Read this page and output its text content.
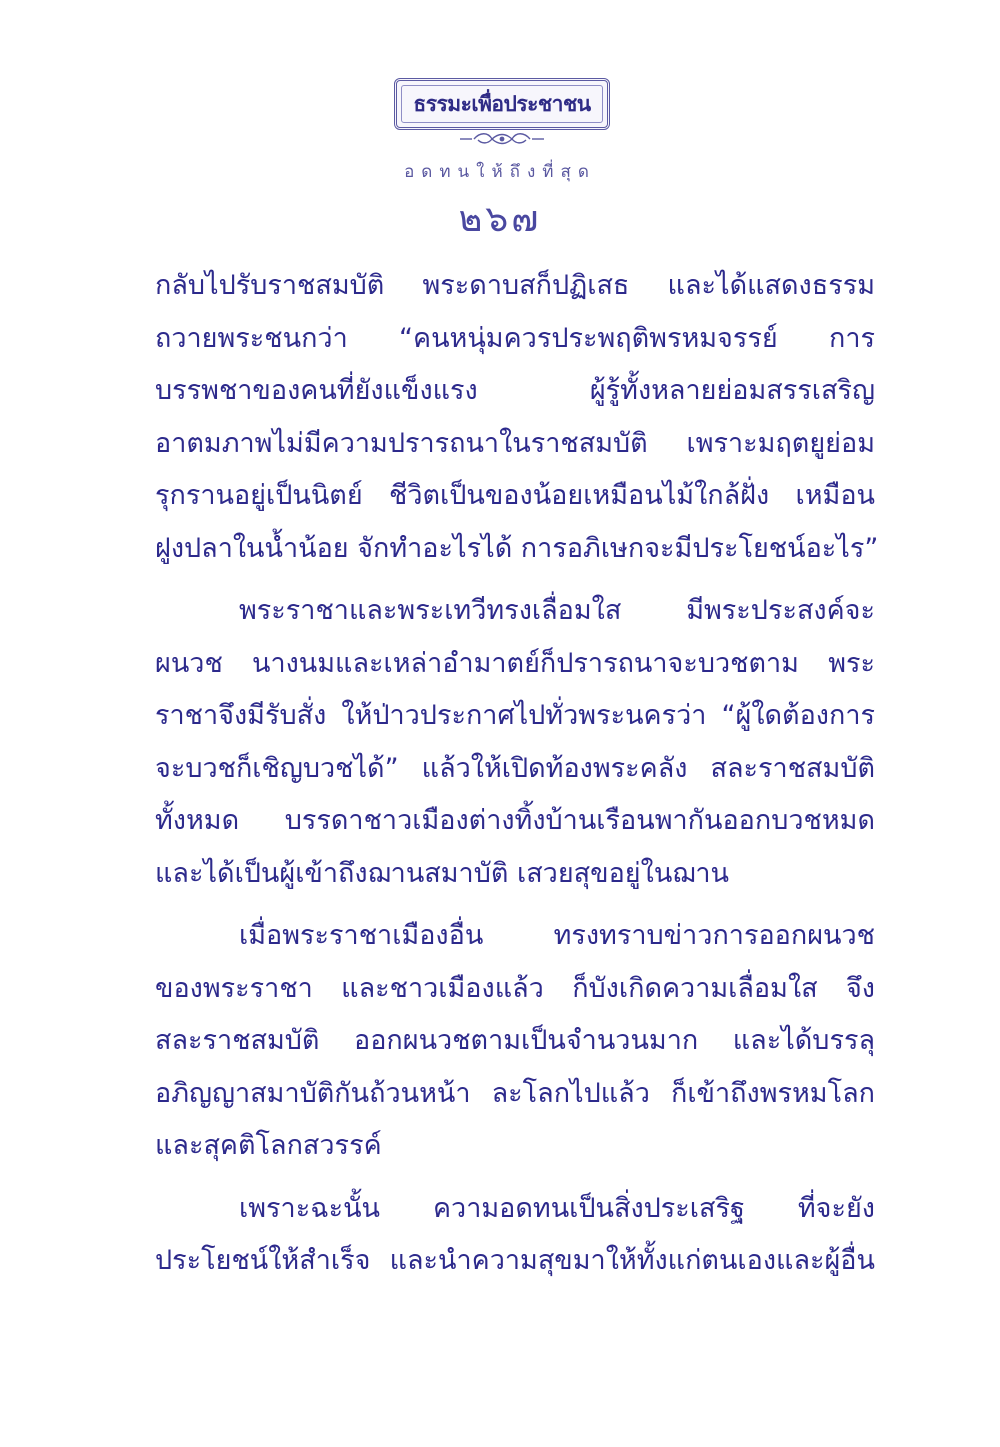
ธรรมะเพื่อประชาชน
อดทนให้ถึงที่สุด
๒๖๗
กลับไปรับราชสมบัติ พระดาบสก็ปฏิเสธ และได้แสดงธรรม
ถวายพระชนกว่า “คนหนุ่มควรประพฤติพรหมจรรย์ การ
บรรพชาของคนที่ยังแข็งแรง ผู้รู้ทั้งหลายย่อมสรรเสริญ
อาตมภาพไม่มีความปรารถนาในราชสมบัติ เพราะมฤตยูย่อม
รุกรานอยู่เป็นนิตย์ ชีวิตเป็นของน้อยเหมือนไม้ใกล้ฝั่ง เหมือน
ฝูงปลาในน้ำน้อย จักทำอะไรได้ การอภิเษกจะมีประโยชน์อะไร”
พระราชาและพระเทวีทรงเลื่อมใส มีพระประสงค์จะ
ผนวช นางนมและเหล่าอำมาตย์ก็ปรารถนาจะบวชตาม พระ
ราชาจึงมีรับสั่ง ให้ป่าวประกาศไปทั่วพระนครว่า “ผู้ใดต้องการ
จะบวชก็เชิญบวชได้” แล้วให้เปิดท้องพระคลัง สละราชสมบัติ
ทั้งหมด บรรดาชาวเมืองต่างทิ้งบ้านเรือนพากันออกบวชหมด
และได้เป็นผู้เข้าถึงฌานสมาบัติ เสวยสุขอยู่ในฌาน
เมื่อพระราชาเมืองอื่น ทรงทราบข่าวการออกผนวช
ของพระราชา และชาวเมืองแล้ว ก็บังเกิดความเลื่อมใส จึง
สละราชสมบัติ ออกผนวชตามเป็นจำนวนมาก และได้บรรลุ
อภิญญาสมาบัติกันถ้วนหน้า ละโลกไปแล้ว ก็เข้าถึงพรหมโลก
และสุคติโลกสวรรค์
เพราะฉะนั้น ความอดทนเป็นสิ่งประเสริฐ ที่จะยัง
ประโยชน์ให้สำเร็จ และนำความสุขมาให้ทั้งแก่ตนเองและผู้อื่น
